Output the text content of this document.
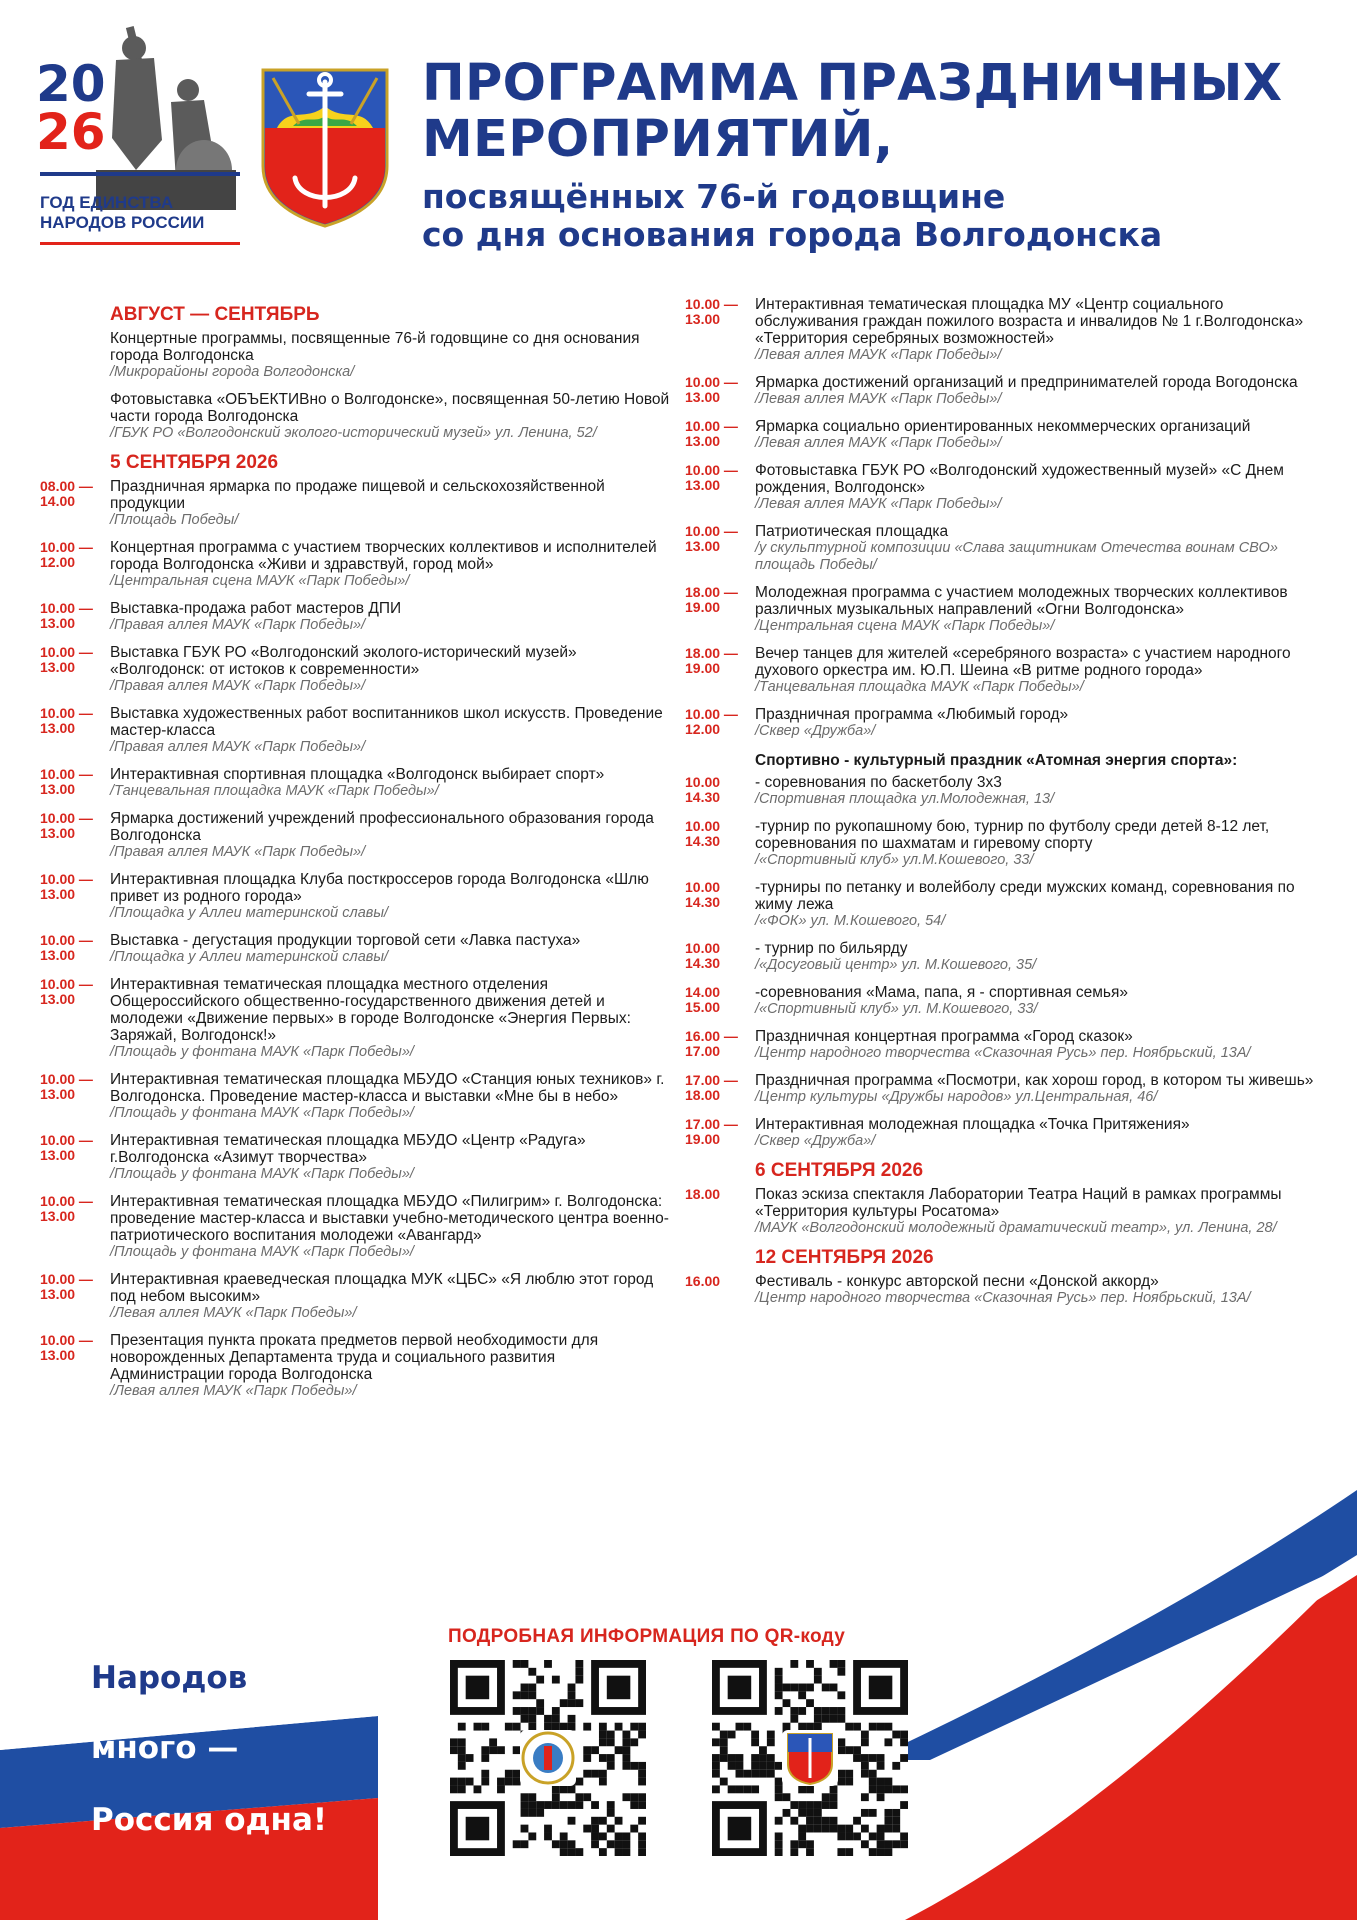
20
26
ГОД ЕДИНСТВА
НАРОДОВ РОССИИ
ПРОГРАММА ПРАЗДНИЧНЫХ
МЕРОПРИЯТИЙ,
посвящённых 76-й годовщине
со дня основания города Волгодонска
АВГУСТ — СЕНТЯБРЬ
Концертные программы, посвященные 76-й годовщине со дня основания города Волгодонска
/Микрорайоны города Волгодонска/
Фотовыставка «ОБЪЕКТИВно о Волгодонске», посвященная 50-летию Новой части города Волгодонска
/ГБУК РО «Волгодонский эколого-исторический музей» ул. Ленина, 52/
5 СЕНТЯБРЯ 2026
08.00 —
14.00
Праздничная ярмарка по продаже пищевой и сельскохозяйственной продукции
/Площадь Победы/
10.00 —
12.00
Концертная программа с участием творческих коллективов и исполнителей города Волгодонска «Живи и здравствуй, город мой»
/Центральная сцена МАУК «Парк Победы»/
10.00 —
13.00
Выставка-продажа работ мастеров ДПИ
/Правая аллея МАУК «Парк Победы»/
10.00 —
13.00
Выставка ГБУК РО «Волгодонский эколого-исторический музей» «Волгодонск: от истоков к современности»
/Правая аллея МАУК «Парк Победы»/
10.00 —
13.00
Выставка художественных работ воспитанников школ искусств. Проведение мастер-класса
/Правая аллея МАУК «Парк Победы»/
10.00 —
13.00
Интерактивная спортивная площадка «Волгодонск выбирает спорт»
/Танцевальная площадка МАУК «Парк Победы»/
10.00 —
13.00
Ярмарка достижений учреждений профессионального образования города Волгодонска
/Правая аллея МАУК «Парк Победы»/
10.00 —
13.00
Интерактивная площадка Клуба посткроссеров города Волгодонска «Шлю привет из родного города»
/Площадка у Аллеи материнской славы/
10.00 —
13.00
Выставка - дегустация продукции торговой сети «Лавка пастуха»
/Площадка у Аллеи материнской славы/
10.00 —
13.00
Интерактивная тематическая площадка местного отделения Общероссийского общественно-государственного движения детей и молодежи «Движение первых» в городе Волгодонске «Энергия Первых: Заряжай, Волгодонск!»
/Площадь у фонтана МАУК «Парк Победы»/
10.00 —
13.00
Интерактивная тематическая площадка МБУДО «Станция юных техников» г. Волгодонска. Проведение мастер-класса и выставки «Мне бы в небо»
/Площадь у фонтана МАУК «Парк Победы»/
10.00 —
13.00
Интерактивная тематическая площадка МБУДО «Центр «Радуга» г.Волгодонска «Азимут творчества»
/Площадь у фонтана МАУК «Парк Победы»/
10.00 —
13.00
Интерактивная тематическая площадка МБУДО «Пилигрим» г. Волгодонска: проведение мастер-класса и выставки учебно-методического центра военно-патриотического воспитания молодежи «Авангард»
/Площадь у фонтана МАУК «Парк Победы»/
10.00 —
13.00
Интерактивная краеведческая площадка МУК «ЦБС» «Я люблю этот город под небом высоким»
/Левая аллея МАУК «Парк Победы»/
10.00 —
13.00
Презентация пункта проката предметов первой необходимости для новорожденных Департамента труда и социального развития Администрации города Волгодонска
/Левая аллея МАУК «Парк Победы»/
10.00 —
13.00
Интерактивная тематическая площадка МУ «Центр социального обслуживания граждан пожилого возраста и инвалидов № 1 г.Волгодонска» «Территория серебряных возможностей»
/Левая аллея МАУК «Парк Победы»/
10.00 —
13.00
Ярмарка достижений организаций и предпринимателей города Вогодонска
/Левая аллея МАУК «Парк Победы»/
10.00 —
13.00
Ярмарка социально ориентированных некоммерческих организаций
/Левая аллея МАУК «Парк Победы»/
10.00 —
13.00
Фотовыставка ГБУК РО «Волгодонский художественный музей» «С Днем рождения, Волгодонск»
/Левая аллея МАУК «Парк Победы»/
10.00 —
13.00
Патриотическая площадка
/у скульптурной композиции «Слава защитникам Отечества воинам СВО» площадь Победы/
18.00 —
19.00
Молодежная программа с участием молодежных творческих коллективов различных музыкальных направлений «Огни Волгодонска»
/Центральная сцена МАУК «Парк Победы»/
18.00 —
19.00
Вечер танцев для жителей «серебряного возраста» с участием народного духового оркестра им. Ю.П. Шеина «В ритме родного города»
/Танцевальная площадка МАУК «Парк Победы»/
10.00 —
12.00
Праздничная программа «Любимый город»
/Сквер «Дружба»/
Спортивно - культурный праздник «Атомная энергия спорта»:
10.00
14.30
- соревнования по баскетболу 3х3
/Спортивная площадка ул.Молодежная, 13/
10.00
14.30
-турнир по рукопашному бою, турнир по футболу среди детей 8-12 лет, соревнования по шахматам и гиревому спорту
/«Спортивный клуб» ул.М.Кошевого, 33/
10.00
14.30
-турниры по петанку и волейболу среди мужских команд, соревнования по жиму лежа
/«ФОК» ул. М.Кошевого, 54/
10.00
14.30
- турнир по бильярду
/«Досуговый центр» ул. М.Кошевого, 35/
14.00
15.00
-соревнования «Мама, папа, я - спортивная семья»
/«Спортивный клуб» ул. М.Кошевого, 33/
16.00 —
17.00
Праздничная концертная программа «Город сказок»
/Центр народного творчества «Сказочная Русь» пер. Ноябрьский, 13А/
17.00 —
18.00
Праздничная программа «Посмотри, как хорош город, в котором ты живешь»
/Центр культуры «Дружбы народов» ул.Центральная, 46/
17.00 —
19.00
Интерактивная молодежная площадка «Точка Притяжения»
/Сквер «Дружба»/
6 СЕНТЯБРЯ 2026
18.00 Показ эскиза спектакля Лаборатории Театра Наций в рамках программы «Территория культуры Росатома»
/МАУК «Волгодонский молодежный драматический театр», ул. Ленина, 28/
12 СЕНТЯБРЯ 2026
16.00 Фестиваль - конкурс авторской песни «Донской аккорд»
/Центр народного творчества «Сказочная Русь» пер. Ноябрьский, 13А/
ПОДРОБНАЯ ИНФОРМАЦИЯ ПО QR-коду
Народов
много —
Россия одна!
